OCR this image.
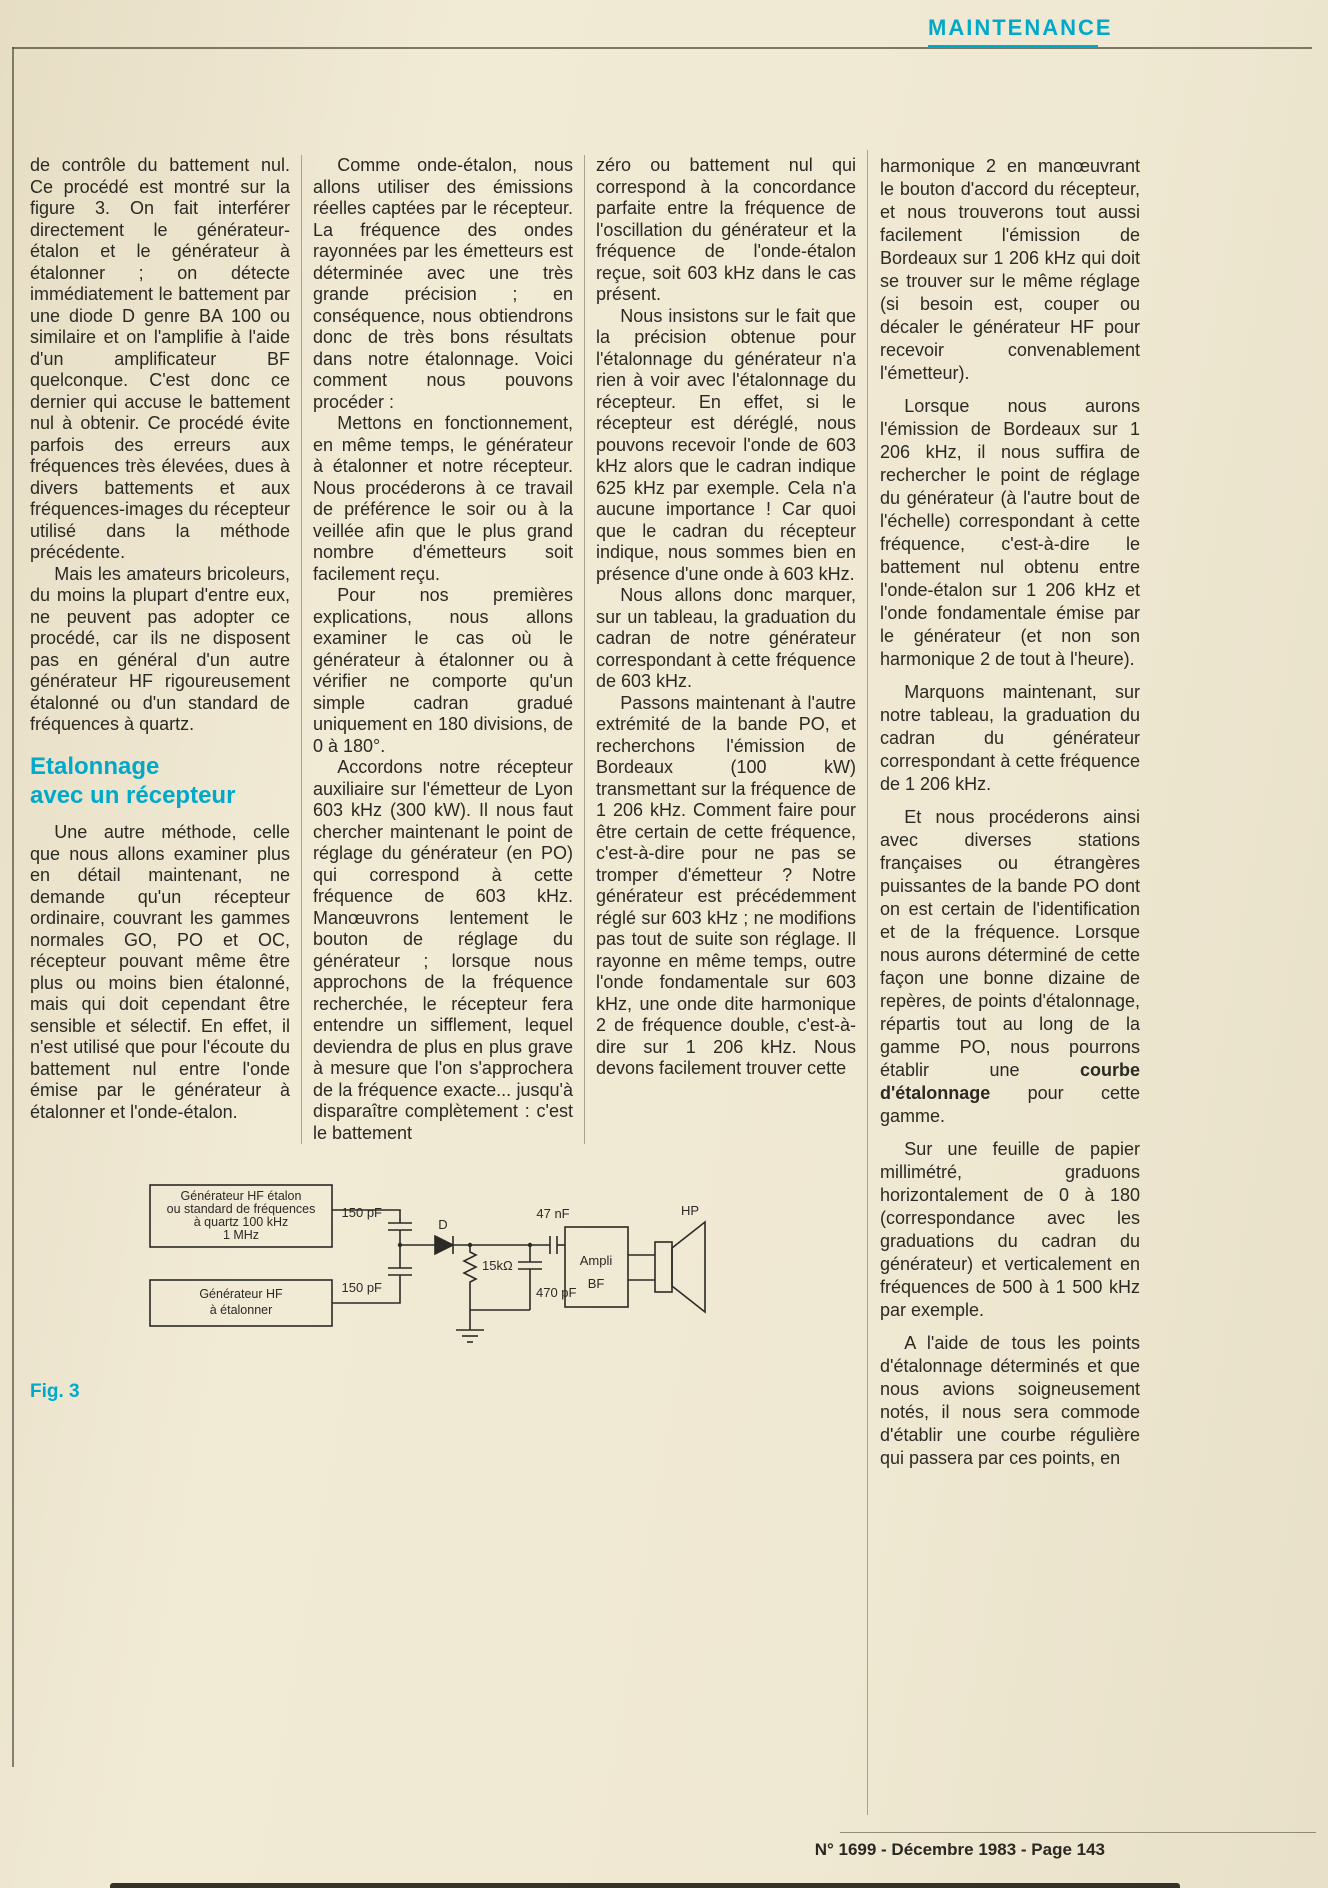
MAINTENANCE

de contrôle du battement nul. Ce procédé est montré sur la figure 3. On fait interférer directement le générateur-étalon et le générateur à étalonner ; on détecte immédiatement le battement par une diode D genre BA 100 ou similaire et on l'amplifie à l'aide d'un amplificateur BF quelconque. C'est donc ce dernier qui accuse le battement nul à obtenir. Ce procédé évite parfois des erreurs aux fréquences très élevées, dues à divers battements et aux fréquences-images du récepteur utilisé dans la méthode précédente.

Mais les amateurs bricoleurs, du moins la plupart d'entre eux, ne peuvent pas adopter ce procédé, car ils ne disposent pas en général d'un autre générateur HF rigoureusement étalonné ou d'un standard de fréquences à quartz.

Etalonnage
avec un récepteur

Une autre méthode, celle que nous allons examiner plus en détail maintenant, ne demande qu'un récepteur ordinaire, couvrant les gammes normales GO, PO et OC, récepteur pouvant même être plus ou moins bien étalonné, mais qui doit cependant être sensible et sélectif. En effet, il n'est utilisé que pour l'écoute du battement nul entre l'onde émise par le générateur à étalonner et l'onde-étalon.

Comme onde-étalon, nous allons utiliser des émissions réelles captées par le récepteur. La fréquence des ondes rayonnées par les émetteurs est déterminée avec une très grande précision ; en conséquence, nous obtiendrons donc de très bons résultats dans notre étalonnage. Voici comment nous pouvons procéder :

Mettons en fonctionnement, en même temps, le générateur à étalonner et notre récepteur. Nous procéderons à ce travail de préférence le soir ou à la veillée afin que le plus grand nombre d'émetteurs soit facilement reçu.

Pour nos premières explications, nous allons examiner le cas où le générateur à étalonner ou à vérifier ne comporte qu'un simple cadran gradué uniquement en 180 divisions, de 0 à 180°.

Accordons notre récepteur auxiliaire sur l'émetteur de Lyon 603 kHz (300 kW). Il nous faut chercher maintenant le point de réglage du générateur (en PO) qui correspond à cette fréquence de 603 kHz. Manœuvrons lentement le bouton de réglage du générateur ; lorsque nous approchons de la fréquence recherchée, le récepteur fera entendre un sifflement, lequel deviendra de plus en plus grave à mesure que l'on s'approchera de la fréquence exacte... jusqu'à disparaître complètement : c'est le battement

zéro ou battement nul qui correspond à la concordance parfaite entre la fréquence de l'oscillation du générateur et la fréquence de l'onde-étalon reçue, soit 603 kHz dans le cas présent.

Nous insistons sur le fait que la précision obtenue pour l'étalonnage du générateur n'a rien à voir avec l'étalonnage du récepteur. En effet, si le récepteur est déréglé, nous pouvons recevoir l'onde de 603 kHz alors que le cadran indique 625 kHz par exemple. Cela n'a aucune importance ! Car quoi que le cadran du récepteur indique, nous sommes bien en présence d'une onde à 603 kHz.

Nous allons donc marquer, sur un tableau, la graduation du cadran de notre générateur correspondant à cette fréquence de 603 kHz.

Passons maintenant à l'autre extrémité de la bande PO, et recherchons l'émission de Bordeaux (100 kW) transmettant sur la fréquence de 1 206 kHz. Comment faire pour être certain de cette fréquence, c'est-à-dire pour ne pas se tromper d'émetteur ? Notre générateur est précédemment réglé sur 603 kHz ; ne modifions pas tout de suite son réglage. Il rayonne en même temps, outre l'onde fondamentale sur 603 kHz, une onde dite harmonique 2 de fréquence double, c'est-à-dire sur 1 206 kHz. Nous devons facilement trouver cette

150 pF
150 pF
D
15kΩ
47 nF
470 pF
Ampli
BF
HP
Générateur HF étalon
ou standard de fréquences
à quartz 100 kHz
1 MHz
Générateur HF
à étalonner
Fig. 3

harmonique 2 en manœuvrant le bouton d'accord du récepteur, et nous trouverons tout aussi facilement l'émission de Bordeaux sur 1 206 kHz qui doit se trouver sur le même réglage (si besoin est, couper ou décaler le générateur HF pour recevoir convenablement l'émetteur).

Lorsque nous aurons l'émission de Bordeaux sur 1 206 kHz, il nous suffira de rechercher le point de réglage du générateur (à l'autre bout de l'échelle) correspondant à cette fréquence, c'est-à-dire le battement nul obtenu entre l'onde-étalon sur 1 206 kHz et l'onde fondamentale émise par le générateur (et non son harmonique 2 de tout à l'heure).

Marquons maintenant, sur notre tableau, la graduation du cadran du générateur correspondant à cette fréquence de 1 206 kHz.

Et nous procéderons ainsi avec diverses stations françaises ou étrangères puissantes de la bande PO dont on est certain de l'identification et de la fréquence. Lorsque nous aurons déterminé de cette façon une bonne dizaine de repères, de points d'étalonnage, répartis tout au long de la gamme PO, nous pourrons établir une courbe d'étalonnage pour cette gamme.

Sur une feuille de papier millimétré, graduons horizontalement de 0 à 180 (correspondance avec les graduations du cadran du générateur) et verticalement en fréquences de 500 à 1 500 kHz par exemple.

A l'aide de tous les points d'étalonnage déterminés et que nous avions soigneusement notés, il nous sera commode d'établir une courbe régulière qui passera par ces points, en

N° 1699 - Décembre 1983 - Page 143
